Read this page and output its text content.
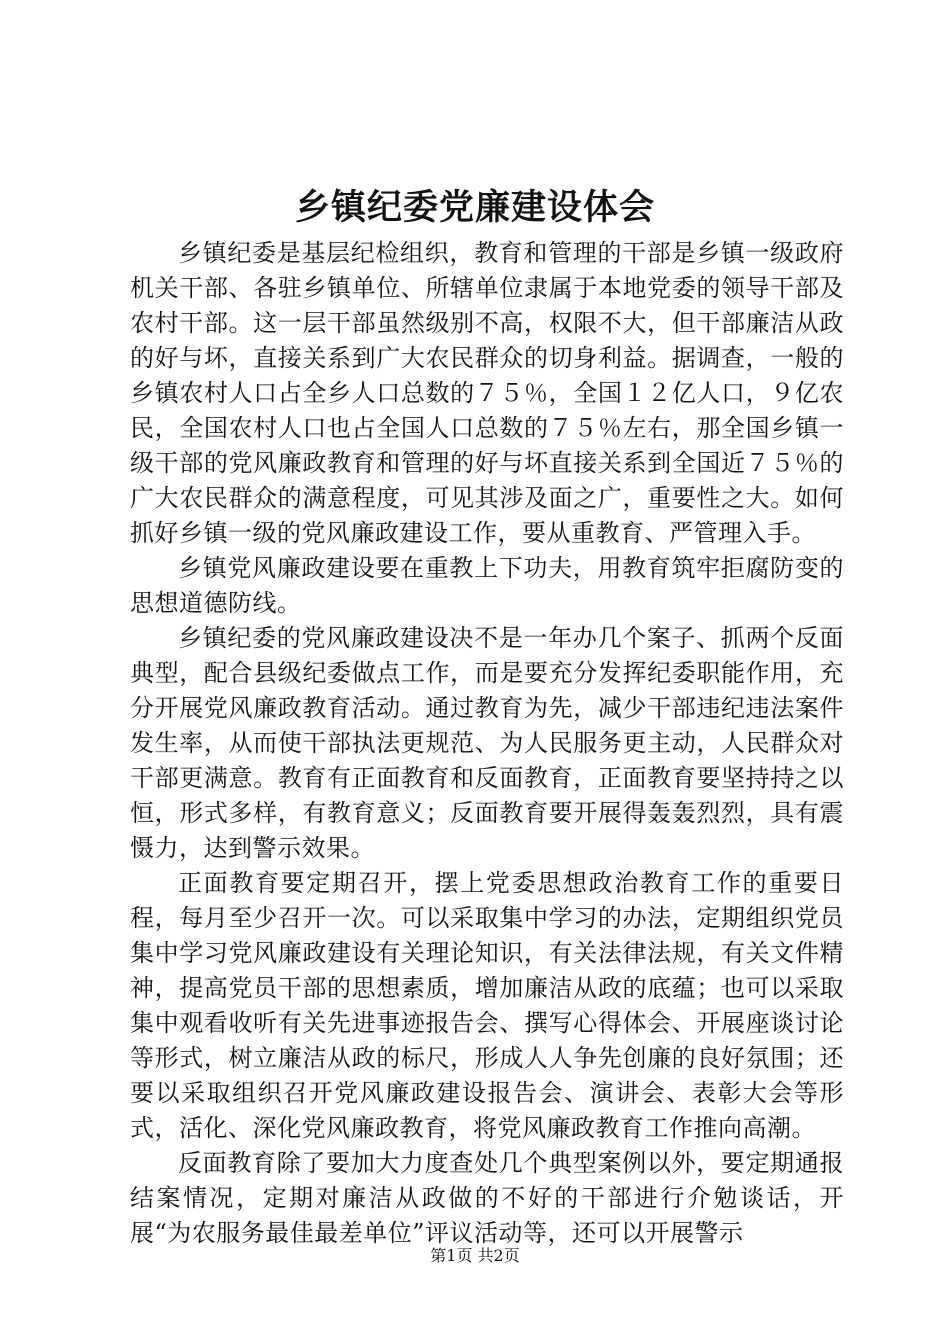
乡镇纪委党廉建设体会

乡镇纪委是基层纪检组织，教育和管理的干部是乡镇一级政府机关干部、各驻乡镇单位、所辖单位隶属于本地党委的领导干部及农村干部。这一层干部虽然级别不高，权限不大，但干部廉洁从政的好与坏，直接关系到广大农民群众的切身利益。据调查，一般的乡镇农村人口占全乡人口总数的７５％，全国１２亿人口，９亿农民，全国农村人口也占全国人口总数的７５％左右，那全国乡镇一级干部的党风廉政教育和管理的好与坏直接关系到全国近７５％的广大农民群众的满意程度，可见其涉及面之广，重要性之大。如何抓好乡镇一级的党风廉政建设工作，要从重教育、严管理入手。

乡镇党风廉政建设要在重教上下功夫，用教育筑牢拒腐防变的思想道德防线。

乡镇纪委的党风廉政建设决不是一年办几个案子、抓两个反面典型，配合县级纪委做点工作，而是要充分发挥纪委职能作用，充分开展党风廉政教育活动。通过教育为先，减少干部违纪违法案件发生率，从而使干部执法更规范、为人民服务更主动，人民群众对干部更满意。教育有正面教育和反面教育，正面教育要坚持持之以恒，形式多样，有教育意义；反面教育要开展得轰轰烈烈，具有震慑力，达到警示效果。

正面教育要定期召开，摆上党委思想政治教育工作的重要日程，每月至少召开一次。可以采取集中学习的办法，定期组织党员集中学习党风廉政建设有关理论知识，有关法律法规，有关文件精神，提高党员干部的思想素质，增加廉洁从政的底蕴；也可以采取集中观看收听有关先进事迹报告会、撰写心得体会、开展座谈讨论等形式，树立廉洁从政的标尺，形成人人争先创廉的良好氛围；还要以采取组织召开党风廉政建设报告会、演讲会、表彰大会等形式，活化、深化党风廉政教育，将党风廉政教育工作推向高潮。

反面教育除了要加大力度查处几个典型案例以外，要定期通报结案情况，定期对廉洁从政做的不好的干部进行介勉谈话，开展“为农服务最佳最差单位”评议活动等，还可以开展警示

第1页 共2页
